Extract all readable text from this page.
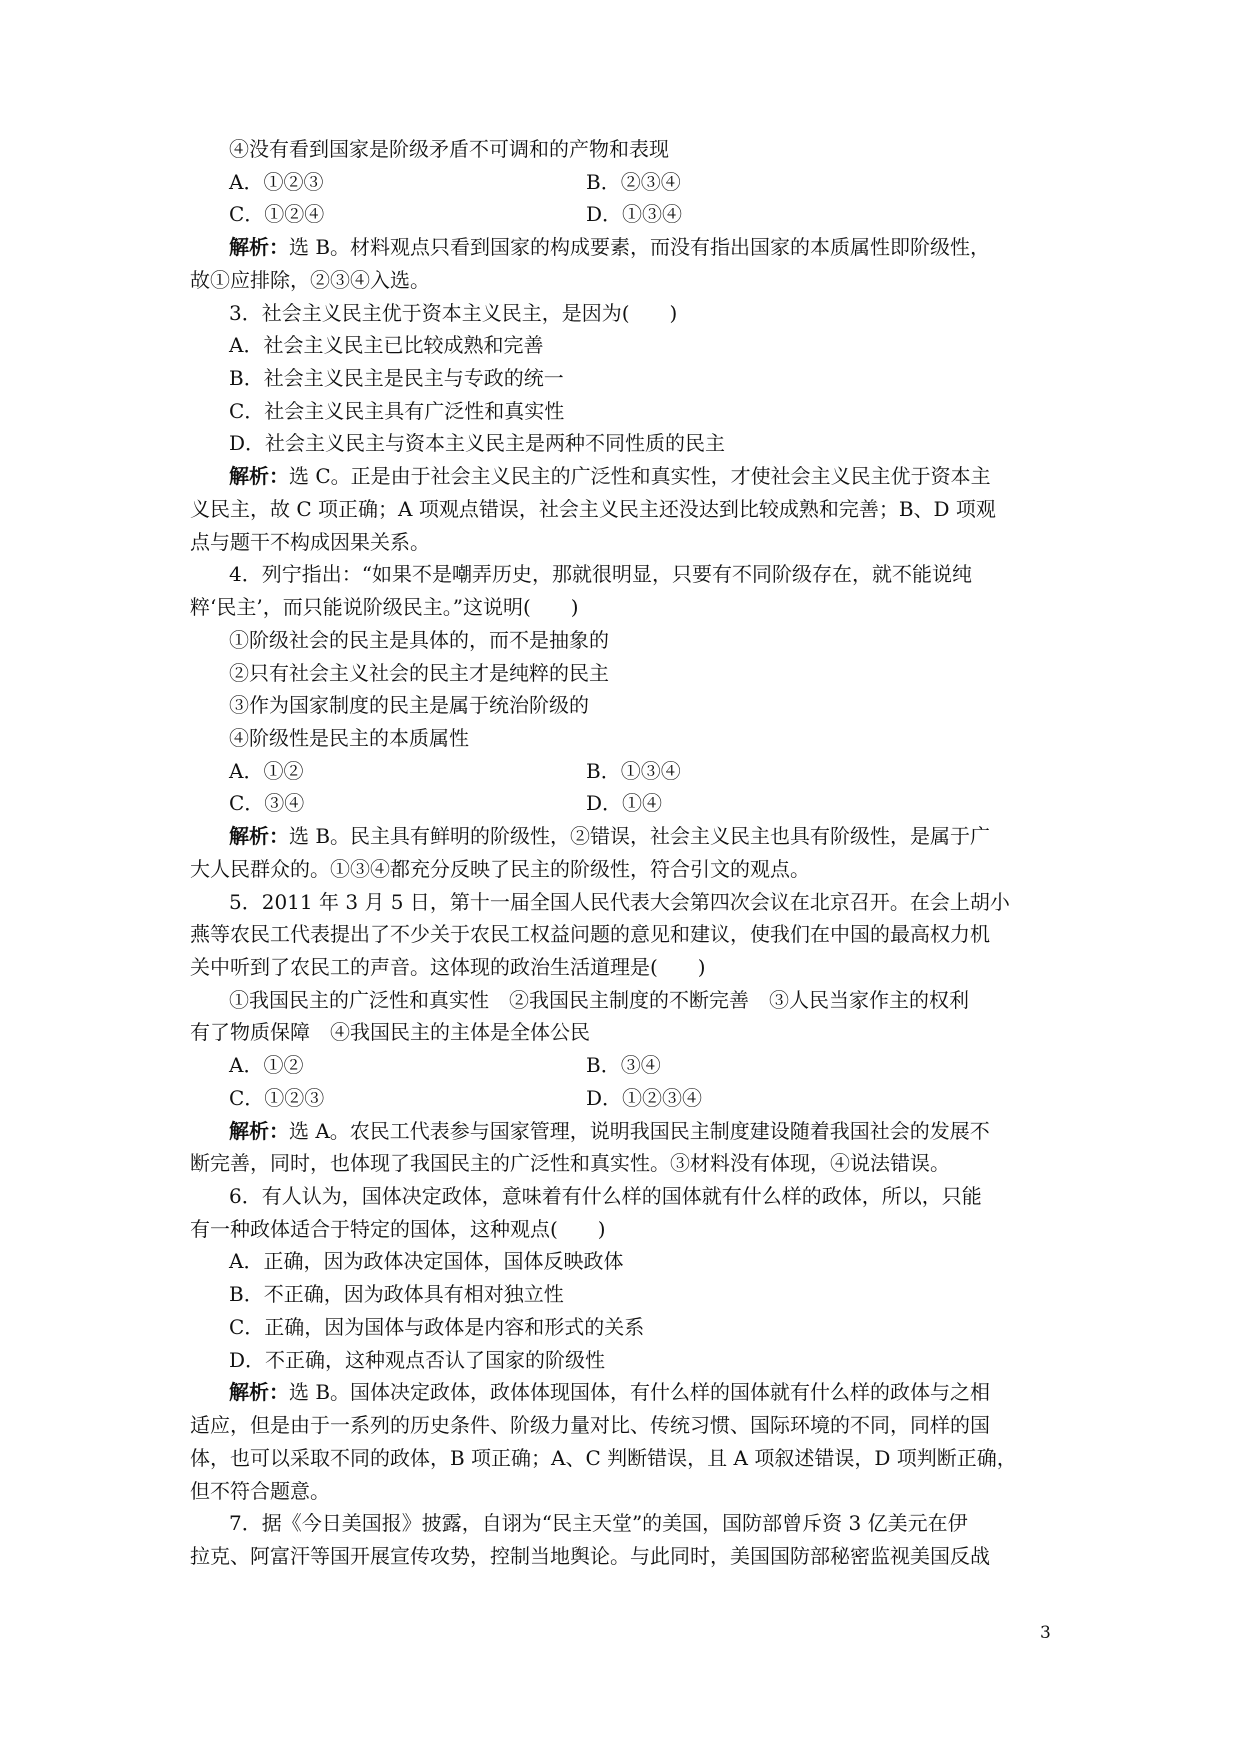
④没有看到国家是阶级矛盾不可调和的产物和表现
A．①②③	B．②③④
C．①②④	D．①③④
解析：选 B。材料观点只看到国家的构成要素，而没有指出国家的本质属性即阶级性，
故①应排除，②③④入选。
3．社会主义民主优于资本主义民主，是因为(　　)
A．社会主义民主已比较成熟和完善
B．社会主义民主是民主与专政的统一
C．社会主义民主具有广泛性和真实性
D．社会主义民主与资本主义民主是两种不同性质的民主
解析：选 C。正是由于社会主义民主的广泛性和真实性，才使社会主义民主优于资本主
义民主，故 C 项正确；A 项观点错误，社会主义民主还没达到比较成熟和完善；B、D 项观
点与题干不构成因果关系。
4．列宁指出：“如果不是嘲弄历史，那就很明显，只要有不同阶级存在，就不能说纯
粹‘民主’，而只能说阶级民主。”这说明(　　)
①阶级社会的民主是具体的，而不是抽象的
②只有社会主义社会的民主才是纯粹的民主
③作为国家制度的民主是属于统治阶级的
④阶级性是民主的本质属性
A．①②	B．①③④
C．③④	D．①④
解析：选 B。民主具有鲜明的阶级性，②错误，社会主义民主也具有阶级性，是属于广
大人民群众的。①③④都充分反映了民主的阶级性，符合引文的观点。
5．2011 年 3 月 5 日，第十一届全国人民代表大会第四次会议在北京召开。在会上胡小
燕等农民工代表提出了不少关于农民工权益问题的意见和建议，使我们在中国的最高权力机
关中听到了农民工的声音。这体现的政治生活道理是(　　)
①我国民主的广泛性和真实性　②我国民主制度的不断完善　③人民当家作主的权利
有了物质保障　④我国民主的主体是全体公民
A．①②	B．③④
C．①②③	D．①②③④
解析：选 A。农民工代表参与国家管理，说明我国民主制度建设随着我国社会的发展不
断完善，同时，也体现了我国民主的广泛性和真实性。③材料没有体现，④说法错误。
6．有人认为，国体决定政体，意味着有什么样的国体就有什么样的政体，所以，只能
有一种政体适合于特定的国体，这种观点(　　)
A．正确，因为政体决定国体，国体反映政体
B．不正确，因为政体具有相对独立性
C．正确，因为国体与政体是内容和形式的关系
D．不正确，这种观点否认了国家的阶级性
解析：选 B。国体决定政体，政体体现国体，有什么样的国体就有什么样的政体与之相
适应，但是由于一系列的历史条件、阶级力量对比、传统习惯、国际环境的不同，同样的国
体，也可以采取不同的政体，B 项正确；A、C 判断错误，且 A 项叙述错误，D 项判断正确，
但不符合题意。
7．据《今日美国报》披露，自诩为“民主天堂”的美国，国防部曾斥资 3 亿美元在伊
拉克、阿富汗等国开展宣传攻势，控制当地舆论。与此同时，美国国防部秘密监视美国反战
3
